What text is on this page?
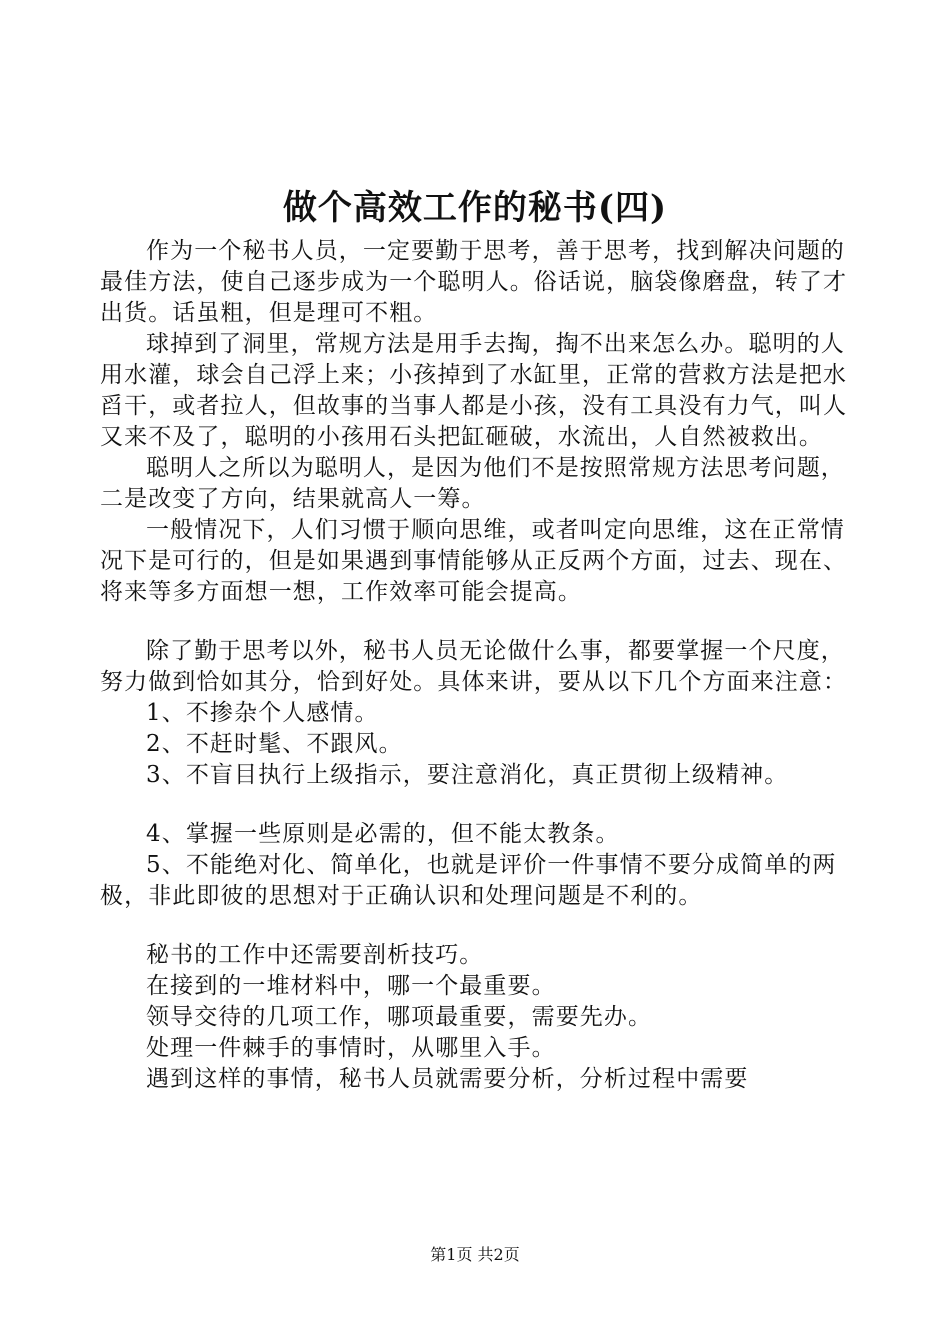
做个高效工作的秘书(四)

作为一个秘书人员，一定要勤于思考，善于思考，找到解决问题的最佳方法，使自己逐步成为一个聪明人。俗话说，脑袋像磨盘，转了才出货。话虽粗，但是理可不粗。

球掉到了洞里，常规方法是用手去掏，掏不出来怎么办。聪明的人用水灌，球会自己浮上来；小孩掉到了水缸里，正常的营救方法是把水舀干，或者拉人，但故事的当事人都是小孩，没有工具没有力气，叫人又来不及了，聪明的小孩用石头把缸砸破，水流出，人自然被救出。

聪明人之所以为聪明人，是因为他们不是按照常规方法思考问题，二是改变了方向，结果就高人一筹。

一般情况下，人们习惯于顺向思维，或者叫定向思维，这在正常情况下是可行的，但是如果遇到事情能够从正反两个方面，过去、现在、将来等多方面想一想，工作效率可能会提高。

除了勤于思考以外，秘书人员无论做什么事，都要掌握一个尺度，努力做到恰如其分，恰到好处。具体来讲，要从以下几个方面来注意：

1、不掺杂个人感情。

2、不赶时髦、不跟风。

3、不盲目执行上级指示，要注意消化，真正贯彻上级精神。

4、掌握一些原则是必需的，但不能太教条。

5、不能绝对化、简单化，也就是评价一件事情不要分成简单的两极，非此即彼的思想对于正确认识和处理问题是不利的。

秘书的工作中还需要剖析技巧。

在接到的一堆材料中，哪一个最重要。

领导交待的几项工作，哪项最重要，需要先办。

处理一件棘手的事情时，从哪里入手。

遇到这样的事情，秘书人员就需要分析，分析过程中需要

第1页 共2页
